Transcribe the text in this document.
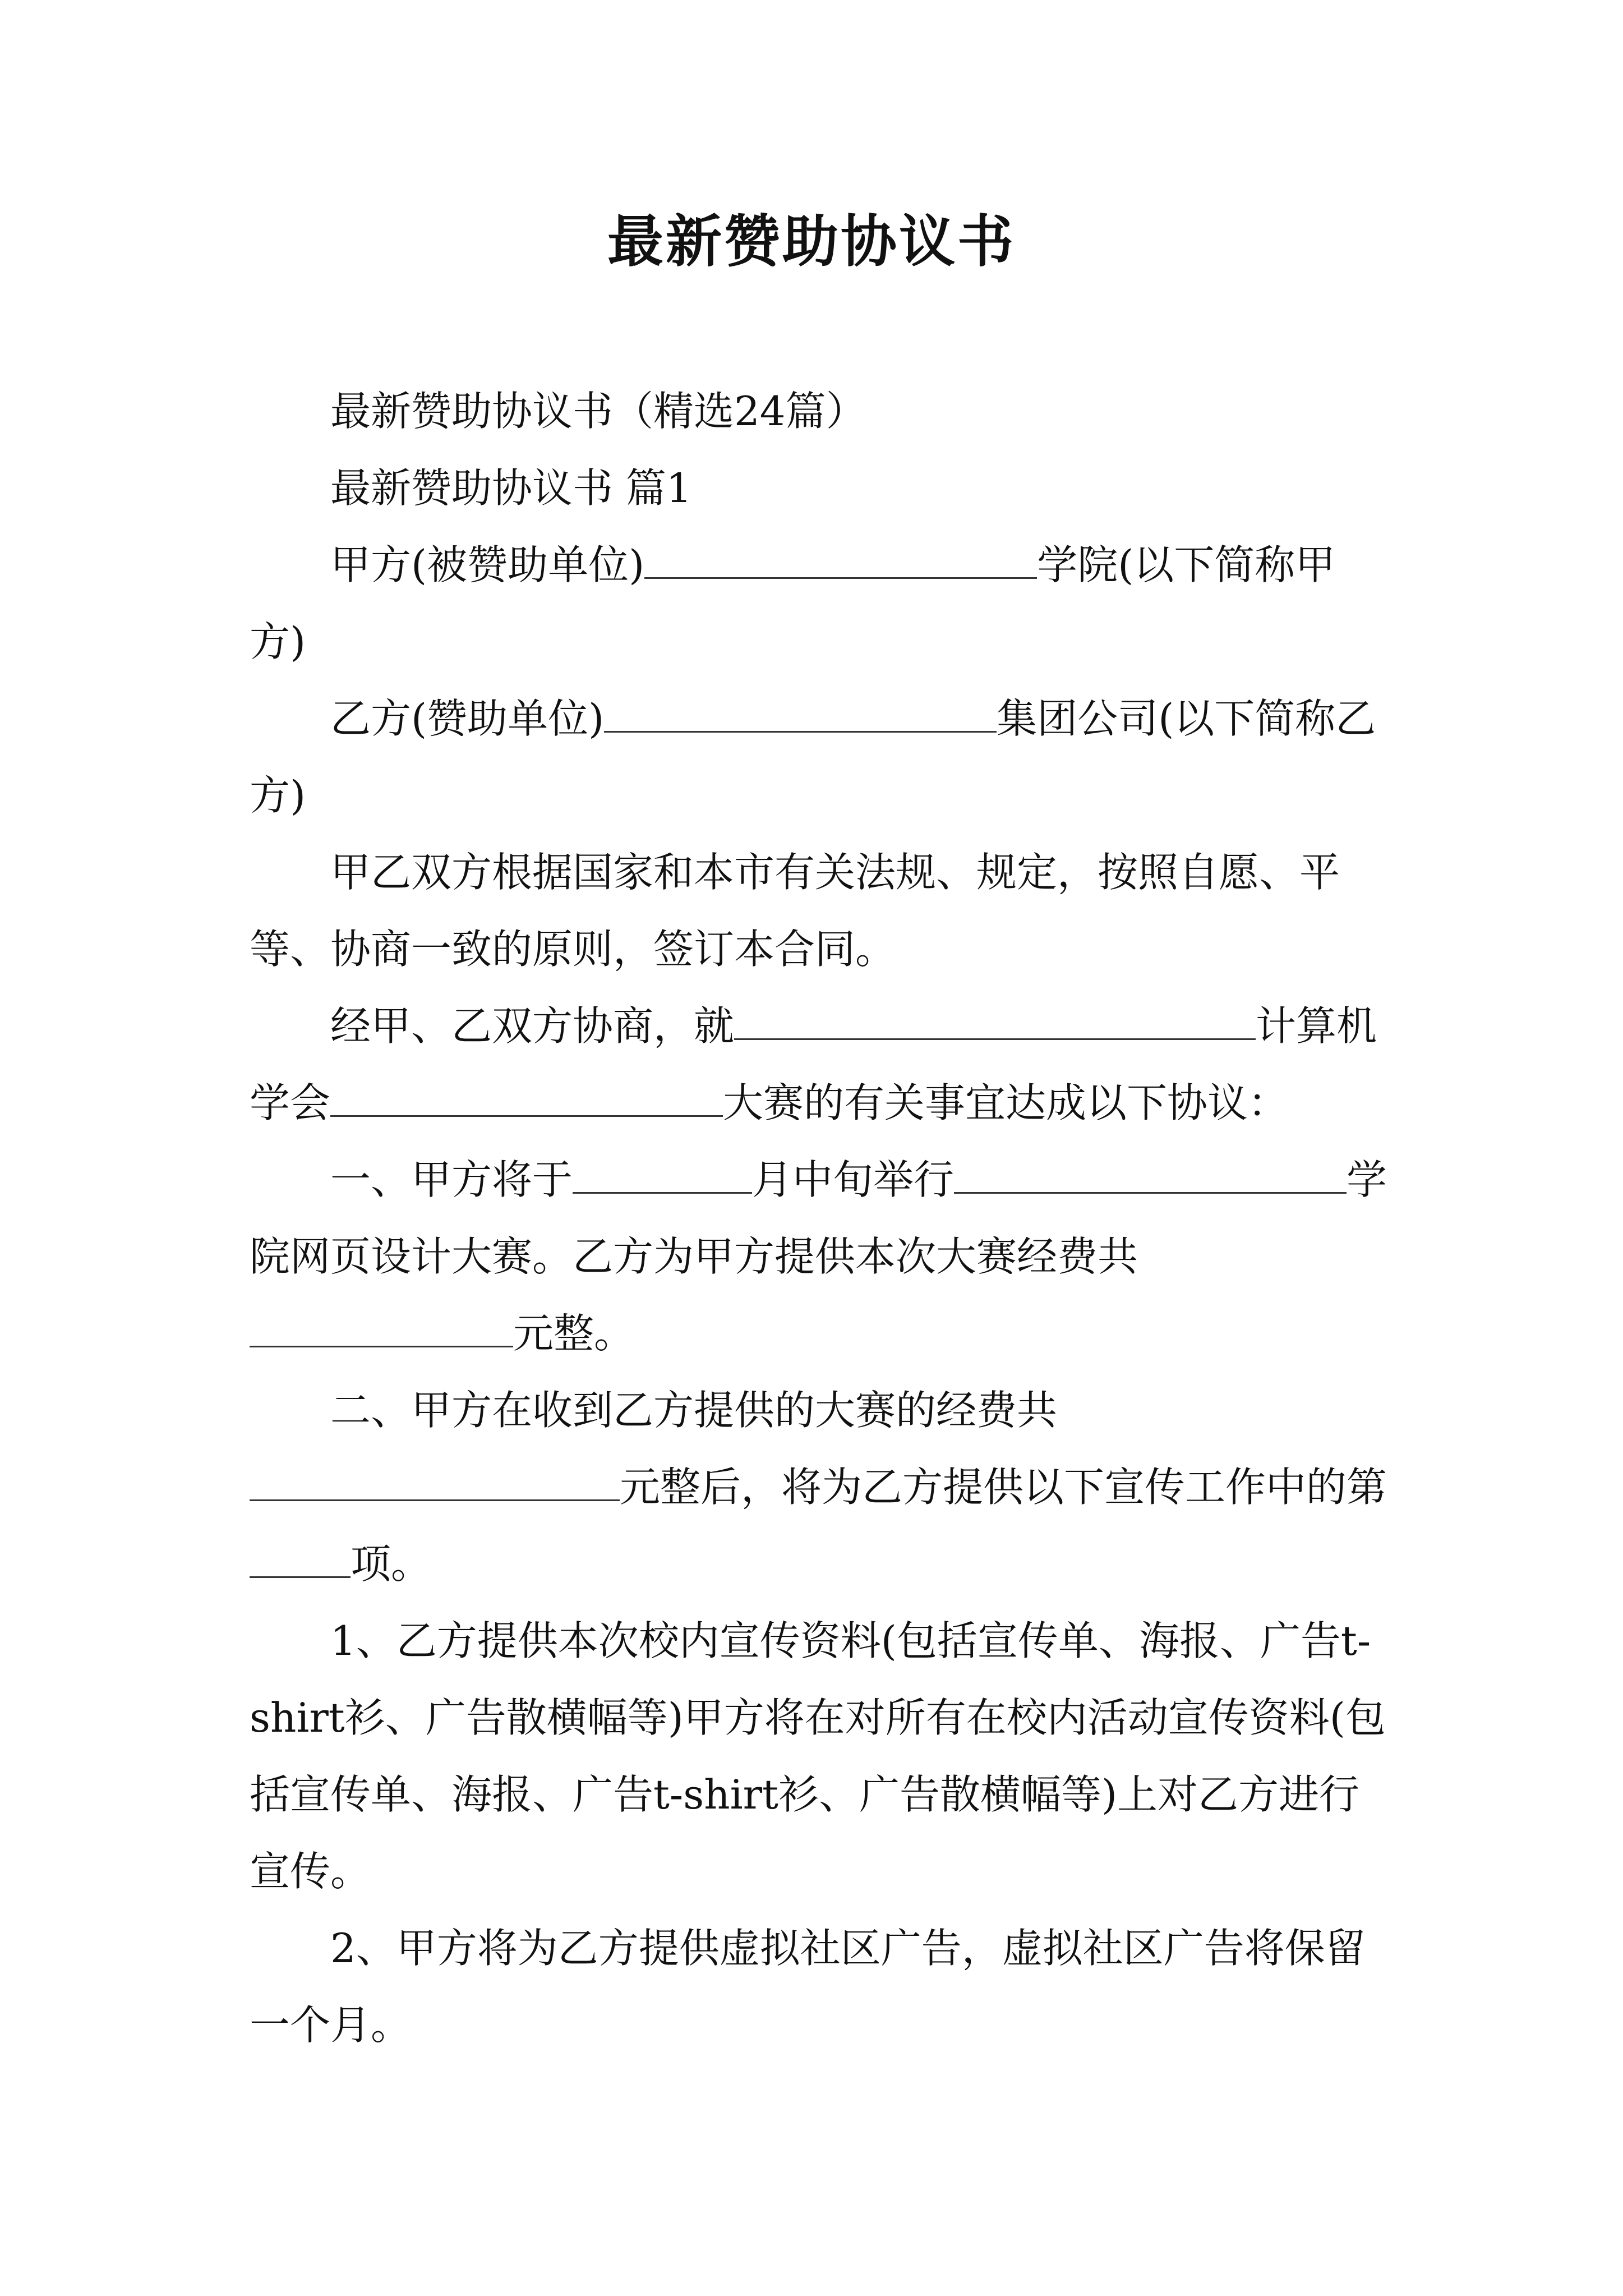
最新赞助协议书

最新赞助协议书（精选24篇）

最新赞助协议书 篇1

甲方(被赞助单位)	学院(以下简称甲方)

乙方(赞助单位)	集团公司(以下简称乙方)

甲乙双方根据国家和本市有关法规、规定，按照自愿、平等、协商一致的原则，签订本合同。

经甲、乙双方协商，就	计算机学会	大赛的有关事宜达成以下协议：

一、甲方将于	月中旬举行	学院网页设计大赛。乙方为甲方提供本次大赛经费共元整。

二、甲方在收到乙方提供的大赛的经费共元整后，将为乙方提供以下宣传工作中的第项。

1、乙方提供本次校内宣传资料(包括宣传单、海报、广告t-shirt衫、广告散横幅等)甲方将在对所有在校内活动宣传资料(包括宣传单、海报、广告t-shirt衫、广告散横幅等)上对乙方进行宣传。

2、甲方将为乙方提供虚拟社区广告，虚拟社区广告将保留一个月。
